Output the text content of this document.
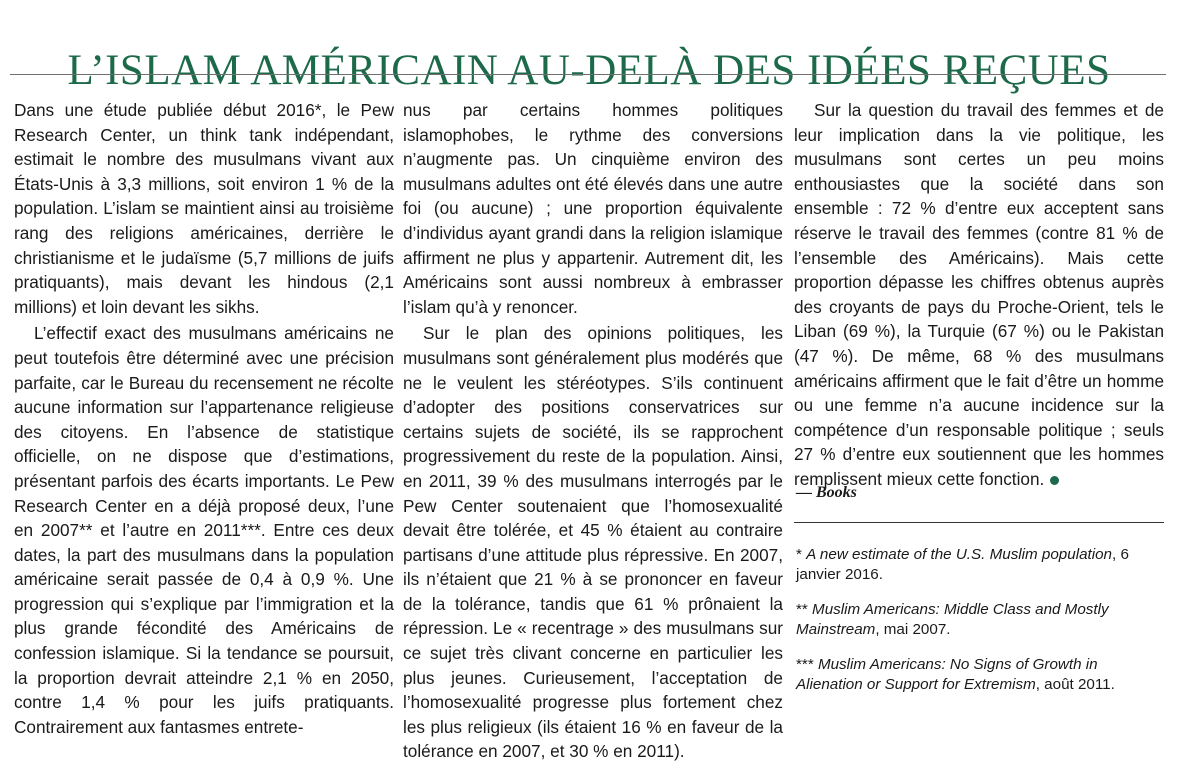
L’ISLAM AMÉRICAIN AU-DELÀ DES IDÉES REÇUES

Dans une étude publiée début 2016*, le Pew Research Center, un think tank indépendant, estimait le nombre des musulmans vivant aux États-Unis à 3,3 millions, soit environ 1 % de la population. L’islam se maintient ainsi au troisième rang des religions américaines, derrière le christianisme et le judaïsme (5,7 millions de juifs pratiquants), mais devant les hindous (2,1 millions) et loin devant les sikhs.

L’effectif exact des musulmans américains ne peut toutefois être déterminé avec une précision parfaite, car le Bureau du recensement ne récolte aucune information sur l’appartenance religieuse des citoyens. En l’absence de statistique officielle, on ne dispose que d’estimations, présentant parfois des écarts importants. Le Pew Research Center en a déjà proposé deux, l’une en 2007** et l’autre en 2011***. Entre ces deux dates, la part des musulmans dans la population américaine serait passée de 0,4 à 0,9 %. Une progression qui s’explique par l’immigration et la plus grande fécondité des Américains de confession islamique. Si la tendance se poursuit, la proportion devrait atteindre 2,1 % en 2050, contre 1,4 % pour les juifs pratiquants. Contrairement aux fantasmes entrete-

nus par certains hommes politiques islamophobes, le rythme des conversions n’augmente pas. Un cinquième environ des musulmans adultes ont été élevés dans une autre foi (ou aucune) ; une proportion équivalente d’individus ayant grandi dans la religion islamique affirment ne plus y appartenir. Autrement dit, les Américains sont aussi nombreux à embrasser l’islam qu’à y renoncer.

Sur le plan des opinions politiques, les musulmans sont généralement plus modérés que ne le veulent les stéréotypes. S’ils continuent d’adopter des positions conservatrices sur certains sujets de société, ils se rapprochent progressivement du reste de la population. Ainsi, en 2011, 39 % des musulmans interrogés par le Pew Center soutenaient que l’homosexualité devait être tolérée, et 45 % étaient au contraire partisans d’une attitude plus répressive. En 2007, ils n’étaient que 21 % à se prononcer en faveur de la tolérance, tandis que 61 % prônaient la répression. Le « recentrage » des musulmans sur ce sujet très clivant concerne en particulier les plus jeunes. Curieusement, l’acceptation de l’homosexualité progresse plus fortement chez les plus religieux (ils étaient 16 % en faveur de la tolérance en 2007, et 30 % en 2011).

Sur la question du travail des femmes et de leur implication dans la vie politique, les musulmans sont certes un peu moins enthousiastes que la société dans son ensemble : 72 % d’entre eux acceptent sans réserve le travail des femmes (contre 81 % de l’ensemble des Américains). Mais cette proportion dépasse les chiffres obtenus auprès des croyants de pays du Proche-Orient, tels le Liban (69 %), la Turquie (67 %) ou le Pakistan (47 %). De même, 68 % des musulmans américains affirment que le fait d’être un homme ou une femme n’a aucune incidence sur la compétence d’un responsable politique ; seuls 27 % d’entre eux soutiennent que les hommes remplissent mieux cette fonction.

— Books

* A new estimate of the U.S. Muslim population, 6 janvier 2016.

** Muslim Americans: Middle Class and Mostly Mainstream, mai 2007.

*** Muslim Americans: No Signs of Growth in Alienation or Support for Extremism, août 2011.
